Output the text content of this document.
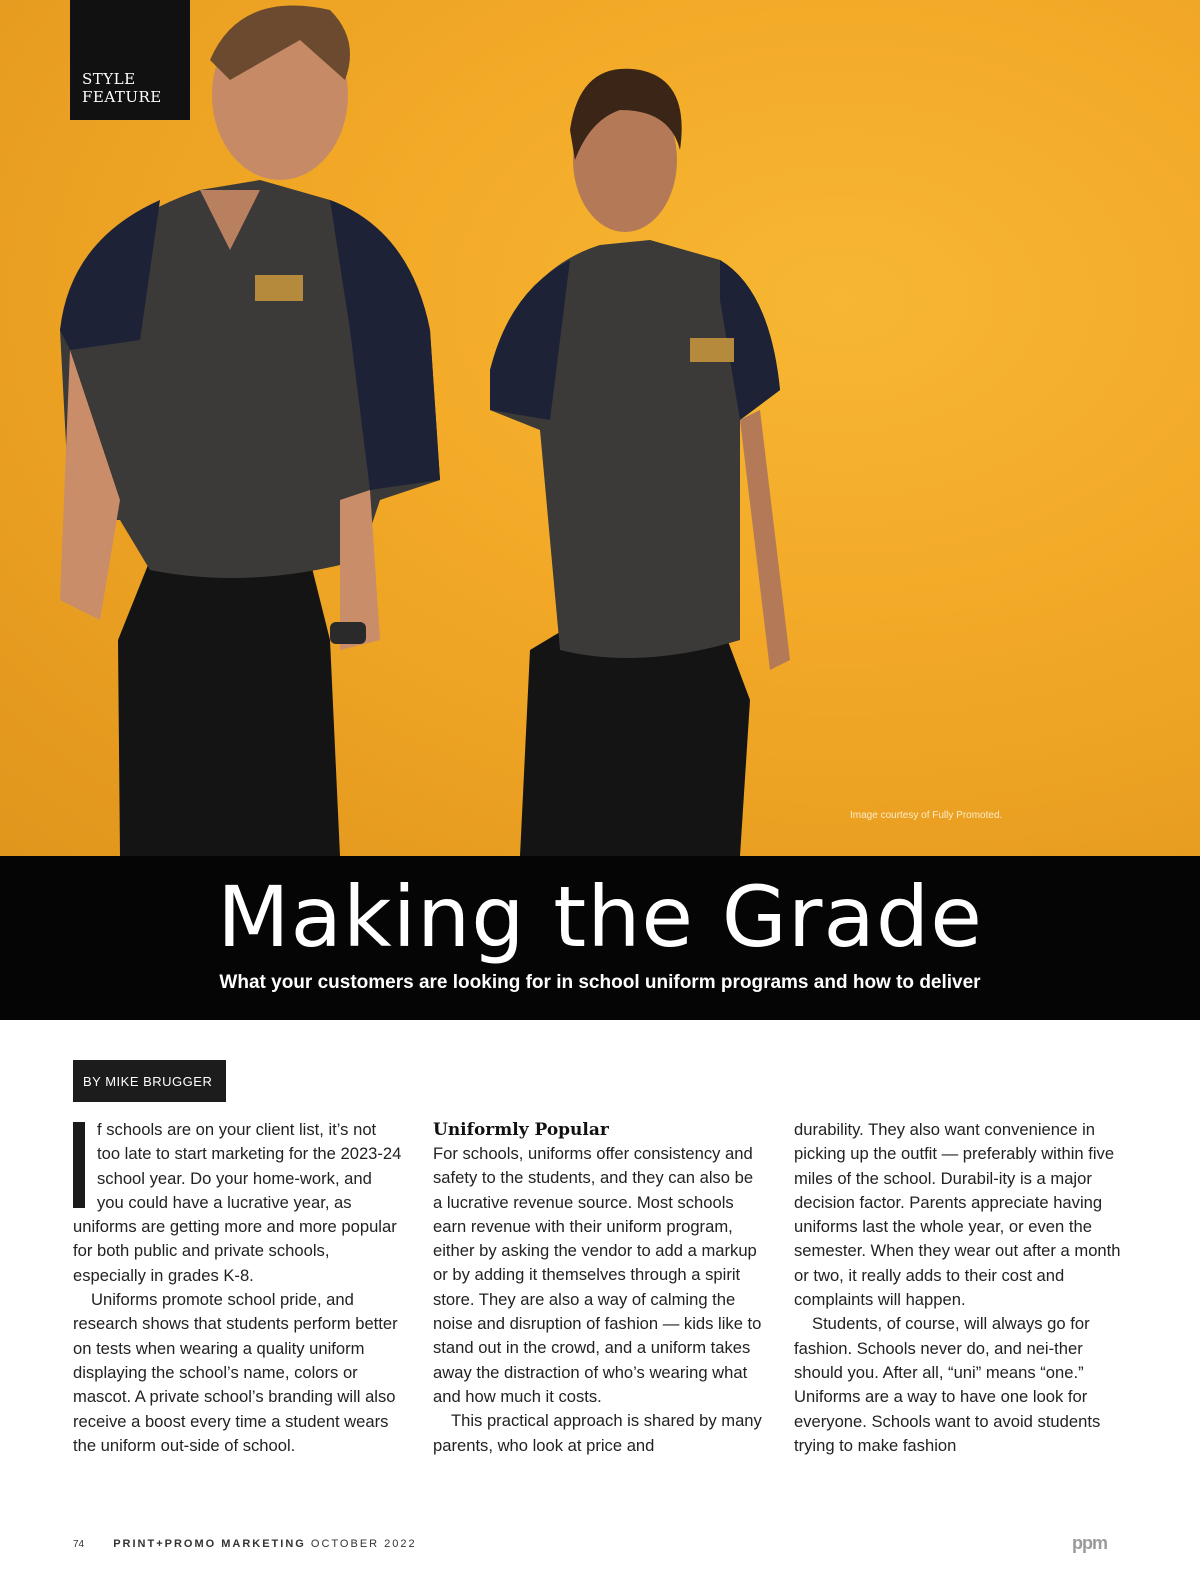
STYLE
FEATURE
Image courtesy of Fully Promoted.
Making the Grade

What your customers are looking for in school uniform programs and how to deliver

BY MIKE BRUGGER

f schools are on your client list, it’s not too late to start marketing for the 2023-24 school year. Do your home-work, and you could have a lucrative year, as uniforms are getting more and more popular for both public and private schools, especially in grades K-8.

Uniforms promote school pride, and research shows that students perform better on tests when wearing a quality uniform displaying the school’s name, colors or mascot. A private school’s branding will also receive a boost every time a student wears the uniform out-side of school.

Uniformly Popular

For schools, uniforms offer consistency and safety to the students, and they can also be a lucrative revenue source. Most schools earn revenue with their uniform program, either by asking the vendor to add a markup or by adding it themselves through a spirit store. They are also a way of calming the noise and disruption of fashion — kids like to stand out in the crowd, and a uniform takes away the distraction of who’s wearing what and how much it costs.

This practical approach is shared by many parents, who look at price and

durability. They also want convenience in picking up the outfit — preferably within five miles of the school. Durabil-ity is a major decision factor. Parents appreciate having uniforms last the whole year, or even the semester. When they wear out after a month or two, it really adds to their cost and complaints will happen.

Students, of course, will always go for fashion. Schools never do, and nei-ther should you. After all, “uni” means “one.” Uniforms are a way to have one look for everyone. Schools want to avoid students trying to make fashion

74	PRINT+PROMO MARKETING OCTOBER 2022	ppm
